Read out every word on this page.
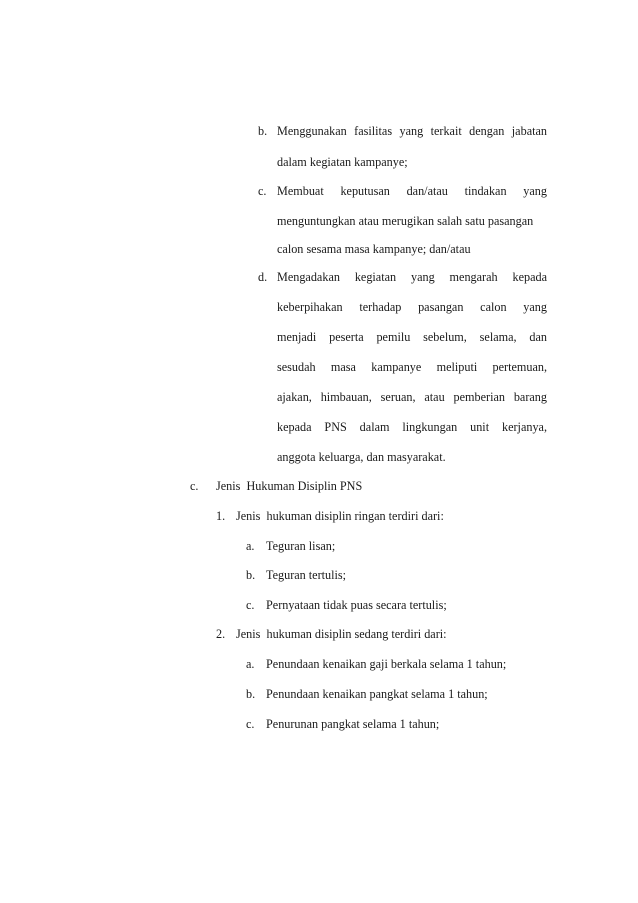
b. Menggunakan fasilitas yang terkait dengan jabatan
dalam kegiatan kampanye;
c. Membuat keputusan dan/atau tindakan yang
menguntungkan atau merugikan salah satu pasangan
calon sesama masa kampanye; dan/atau
d. Mengadakan kegiatan yang mengarah kepada
keberpihakan terhadap pasangan calon yang
menjadi peserta pemilu sebelum, selama, dan
sesudah masa kampanye meliputi pertemuan,
ajakan, himbauan, seruan, atau pemberian barang
kepada PNS dalam lingkungan unit kerjanya,
anggota keluarga, dan masyarakat.
c. Jenis  Hukuman Disiplin PNS
1. Jenis  hukuman disiplin ringan terdiri dari:
a. Teguran lisan;
b. Teguran tertulis;
c. Pernyataan tidak puas secara tertulis;
2. Jenis  hukuman disiplin sedang terdiri dari:
a. Penundaan kenaikan gaji berkala selama 1 tahun;
b. Penundaan kenaikan pangkat selama 1 tahun;
c. Penurunan pangkat selama 1 tahun;
